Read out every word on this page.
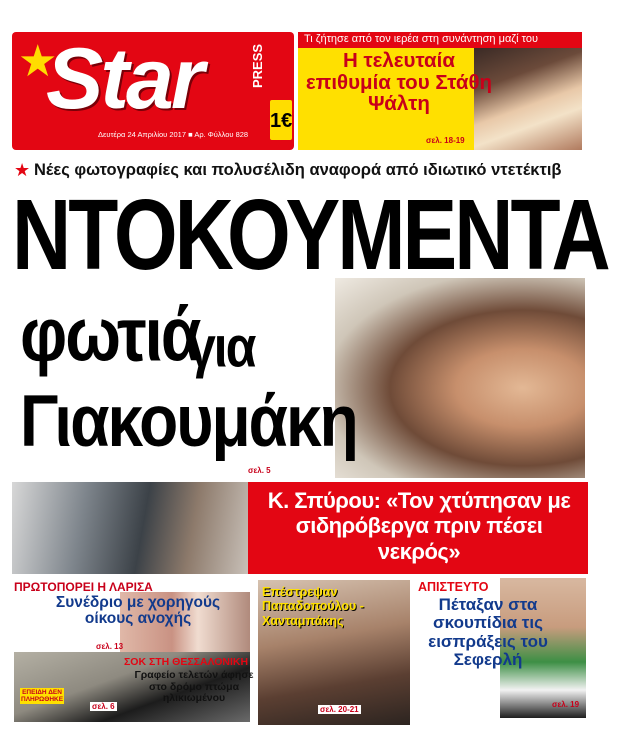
★
Star	PRESS
1€
Δευτέρα 24 Απριλίου 2017 ■ Αρ. Φύλλου 828
Τι ζήτησε από τον ιερέα στη συνάντηση μαζί του
Η τελευταία επιθυμία του Στάθη Ψάλτη
σελ. 18-19
★ Νέες φωτογραφίες και πολυσέλιδη αναφορά από ιδιωτικό ντετέκτιβ
ΝΤΟΚΟΥΜΕΝΤΑ
φωτιά
για
Γιακουμάκη
σελ. 5
Κ. Σπύρου: «Τον χτύπησαν με σιδηρόβεργα πριν πέσει νεκρός»
ΠΡΩΤΟΠΟΡΕΙ Η ΛΑΡΙΣΑ
Συνέδριο με χορηγούς οίκους ανοχής
σελ. 13
ΣΟΚ ΣΤΗ ΘΕΣΣΑΛΟΝΙΚΗ
Γραφείο τελετών άφησε στο δρόμο πτώμα ηλικιωμένου
ΕΠΕΙΔΗ ΔΕΝ ΠΛΗΡΩΘΗΚΕ
σελ. 6
Επέστρεψαν Παπαδοπούλου - Χανταμπάκης
σελ. 20-21
ΑΠΙΣΤΕΥΤΟ
Πέταξαν στα σκουπίδια τις εισπράξεις του Σεφερλή
σελ. 19
